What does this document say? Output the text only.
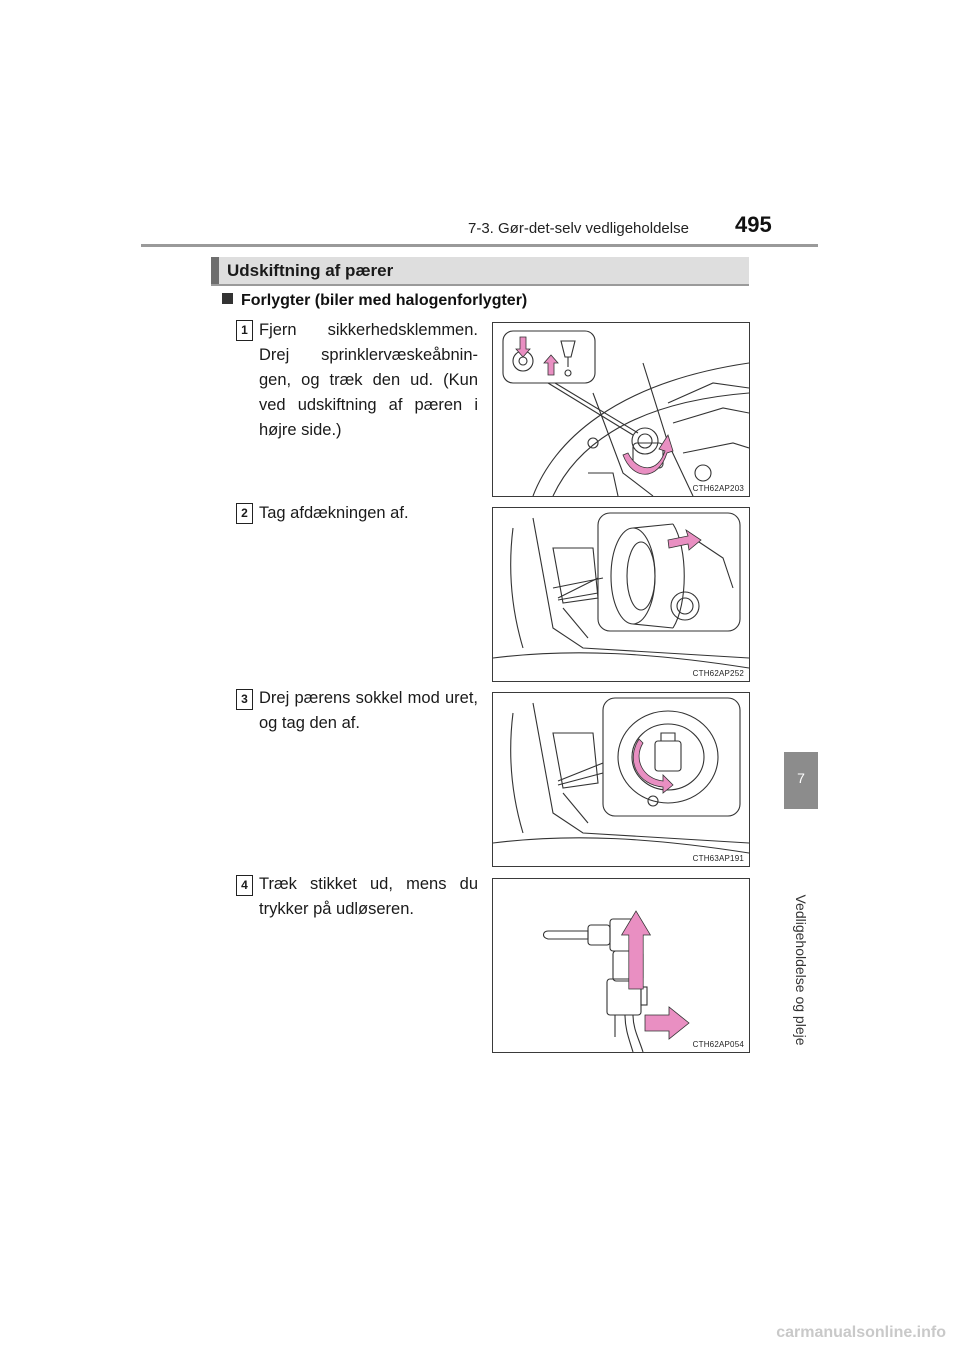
7-3. Gør-det-selv vedligeholdelse 495
7
Vedligeholdelse og pleje
Udskiftning af pærer
Forlygter (biler med halogenforlygter)
1 Fjern sikkerhedsklemmen. Drej sprinklervæskeåbnin-gen, og træk den ud. (Kun ved udskiftning af pæren i højre side.)
.
CTH62AP203
2 Tag afdækningen af.
CTH62AP252
3 Drej pærens sokkel mod uret, og tag den af.
CTH63AP191
4 Træk stikket ud, mens du trykker på udløseren.
CTH62AP054
carmanualsonline.info
